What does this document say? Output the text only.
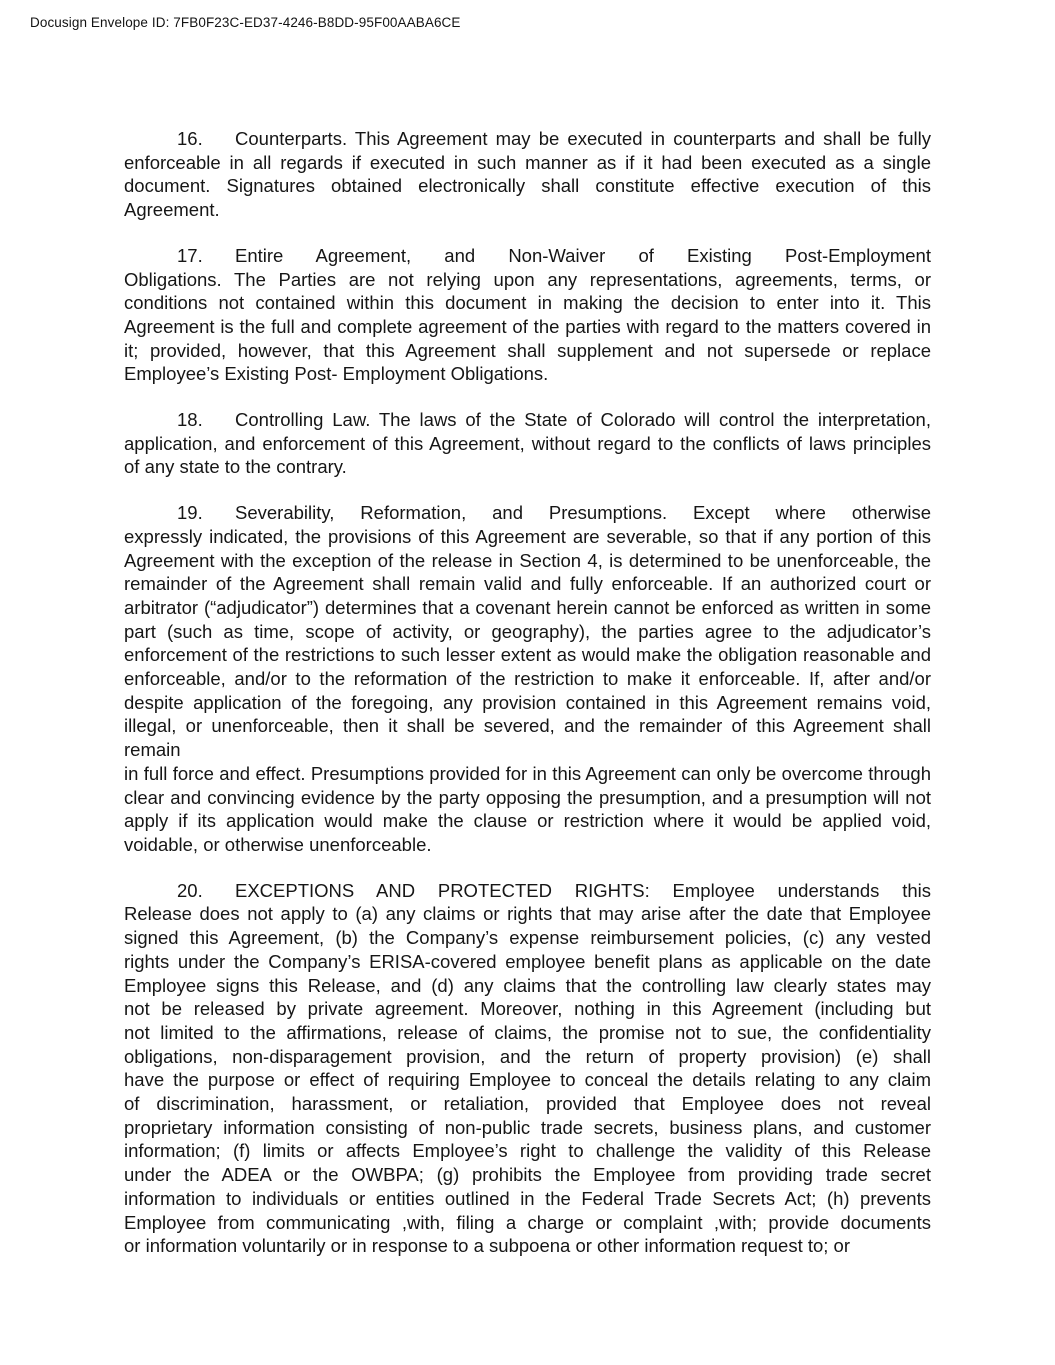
Docusign Envelope ID: 7FB0F23C-ED37-4246-B8DD-95F00AABA6CE
16. Counterparts. This Agreement may be executed in counterparts and shall be fully
enforceable in all regards if executed in such manner as if it had been executed as a single
document. Signatures obtained electronically shall constitute effective execution of this
Agreement.
17. Entire Agreement, and Non-Waiver of Existing Post-Employment
Obligations. The Parties are not relying upon any representations, agreements, terms, or
conditions not contained within this document in making the decision to enter into it. This
Agreement is the full and complete agreement of the parties with regard to the matters covered in
it; provided, however, that this Agreement shall supplement and not supersede or replace
Employee’s Existing Post- Employment Obligations.
18. Controlling Law. The laws of the State of Colorado will control the interpretation,
application, and enforcement of this Agreement, without regard to the conflicts of laws principles
of any state to the contrary.
19. Severability, Reformation, and Presumptions. Except where otherwise
expressly indicated, the provisions of this Agreement are severable, so that if any portion of this
Agreement with the exception of the release in Section 4, is determined to be unenforceable, the
remainder of the Agreement shall remain valid and fully enforceable. If an authorized court or
arbitrator (“adjudicator”) determines that a covenant herein cannot be enforced as written in some
part (such as time, scope of activity, or geography), the parties agree to the adjudicator’s
enforcement of the restrictions to such lesser extent as would make the obligation reasonable and
enforceable, and/or to the reformation of the restriction to make it enforceable. If, after and/or
despite application of the foregoing, any provision contained in this Agreement remains void,
illegal, or unenforceable, then it shall be severed, and the remainder of this Agreement shall remain
in full force and effect. Presumptions provided for in this Agreement can only be overcome through
clear and convincing evidence by the party opposing the presumption, and a presumption will not
apply if its application would make the clause or restriction where it would be applied void,
voidable, or otherwise unenforceable.
20. EXCEPTIONS AND PROTECTED RIGHTS: Employee understands this
Release does not apply to (a) any claims or rights that may arise after the date that Employee
signed this Agreement, (b) the Company’s expense reimbursement policies, (c) any vested
rights under the Company’s ERISA-covered employee benefit plans as applicable on the date
Employee signs this Release, and (d) any claims that the controlling law clearly states may
not be released by private agreement. Moreover, nothing in this Agreement (including but
not limited to the affirmations, release of claims, the promise not to sue, the confidentiality
obligations, non-disparagement provision, and the return of property provision) (e) shall
have the purpose or effect of requiring Employee to conceal the details relating to any claim
of discrimination, harassment, or retaliation, provided that Employee does not reveal
proprietary information consisting of non-public trade secrets, business plans, and customer
information; (f) limits or affects Employee’s right to challenge the validity of this Release
under the ADEA or the OWBPA; (g) prohibits the Employee from providing trade secret
information to individuals or entities outlined in the Federal Trade Secrets Act; (h) prevents
Employee from communicating ,with, filing a charge or complaint ,with; provide documents
or information voluntarily or in response to a subpoena or other information request to; or
